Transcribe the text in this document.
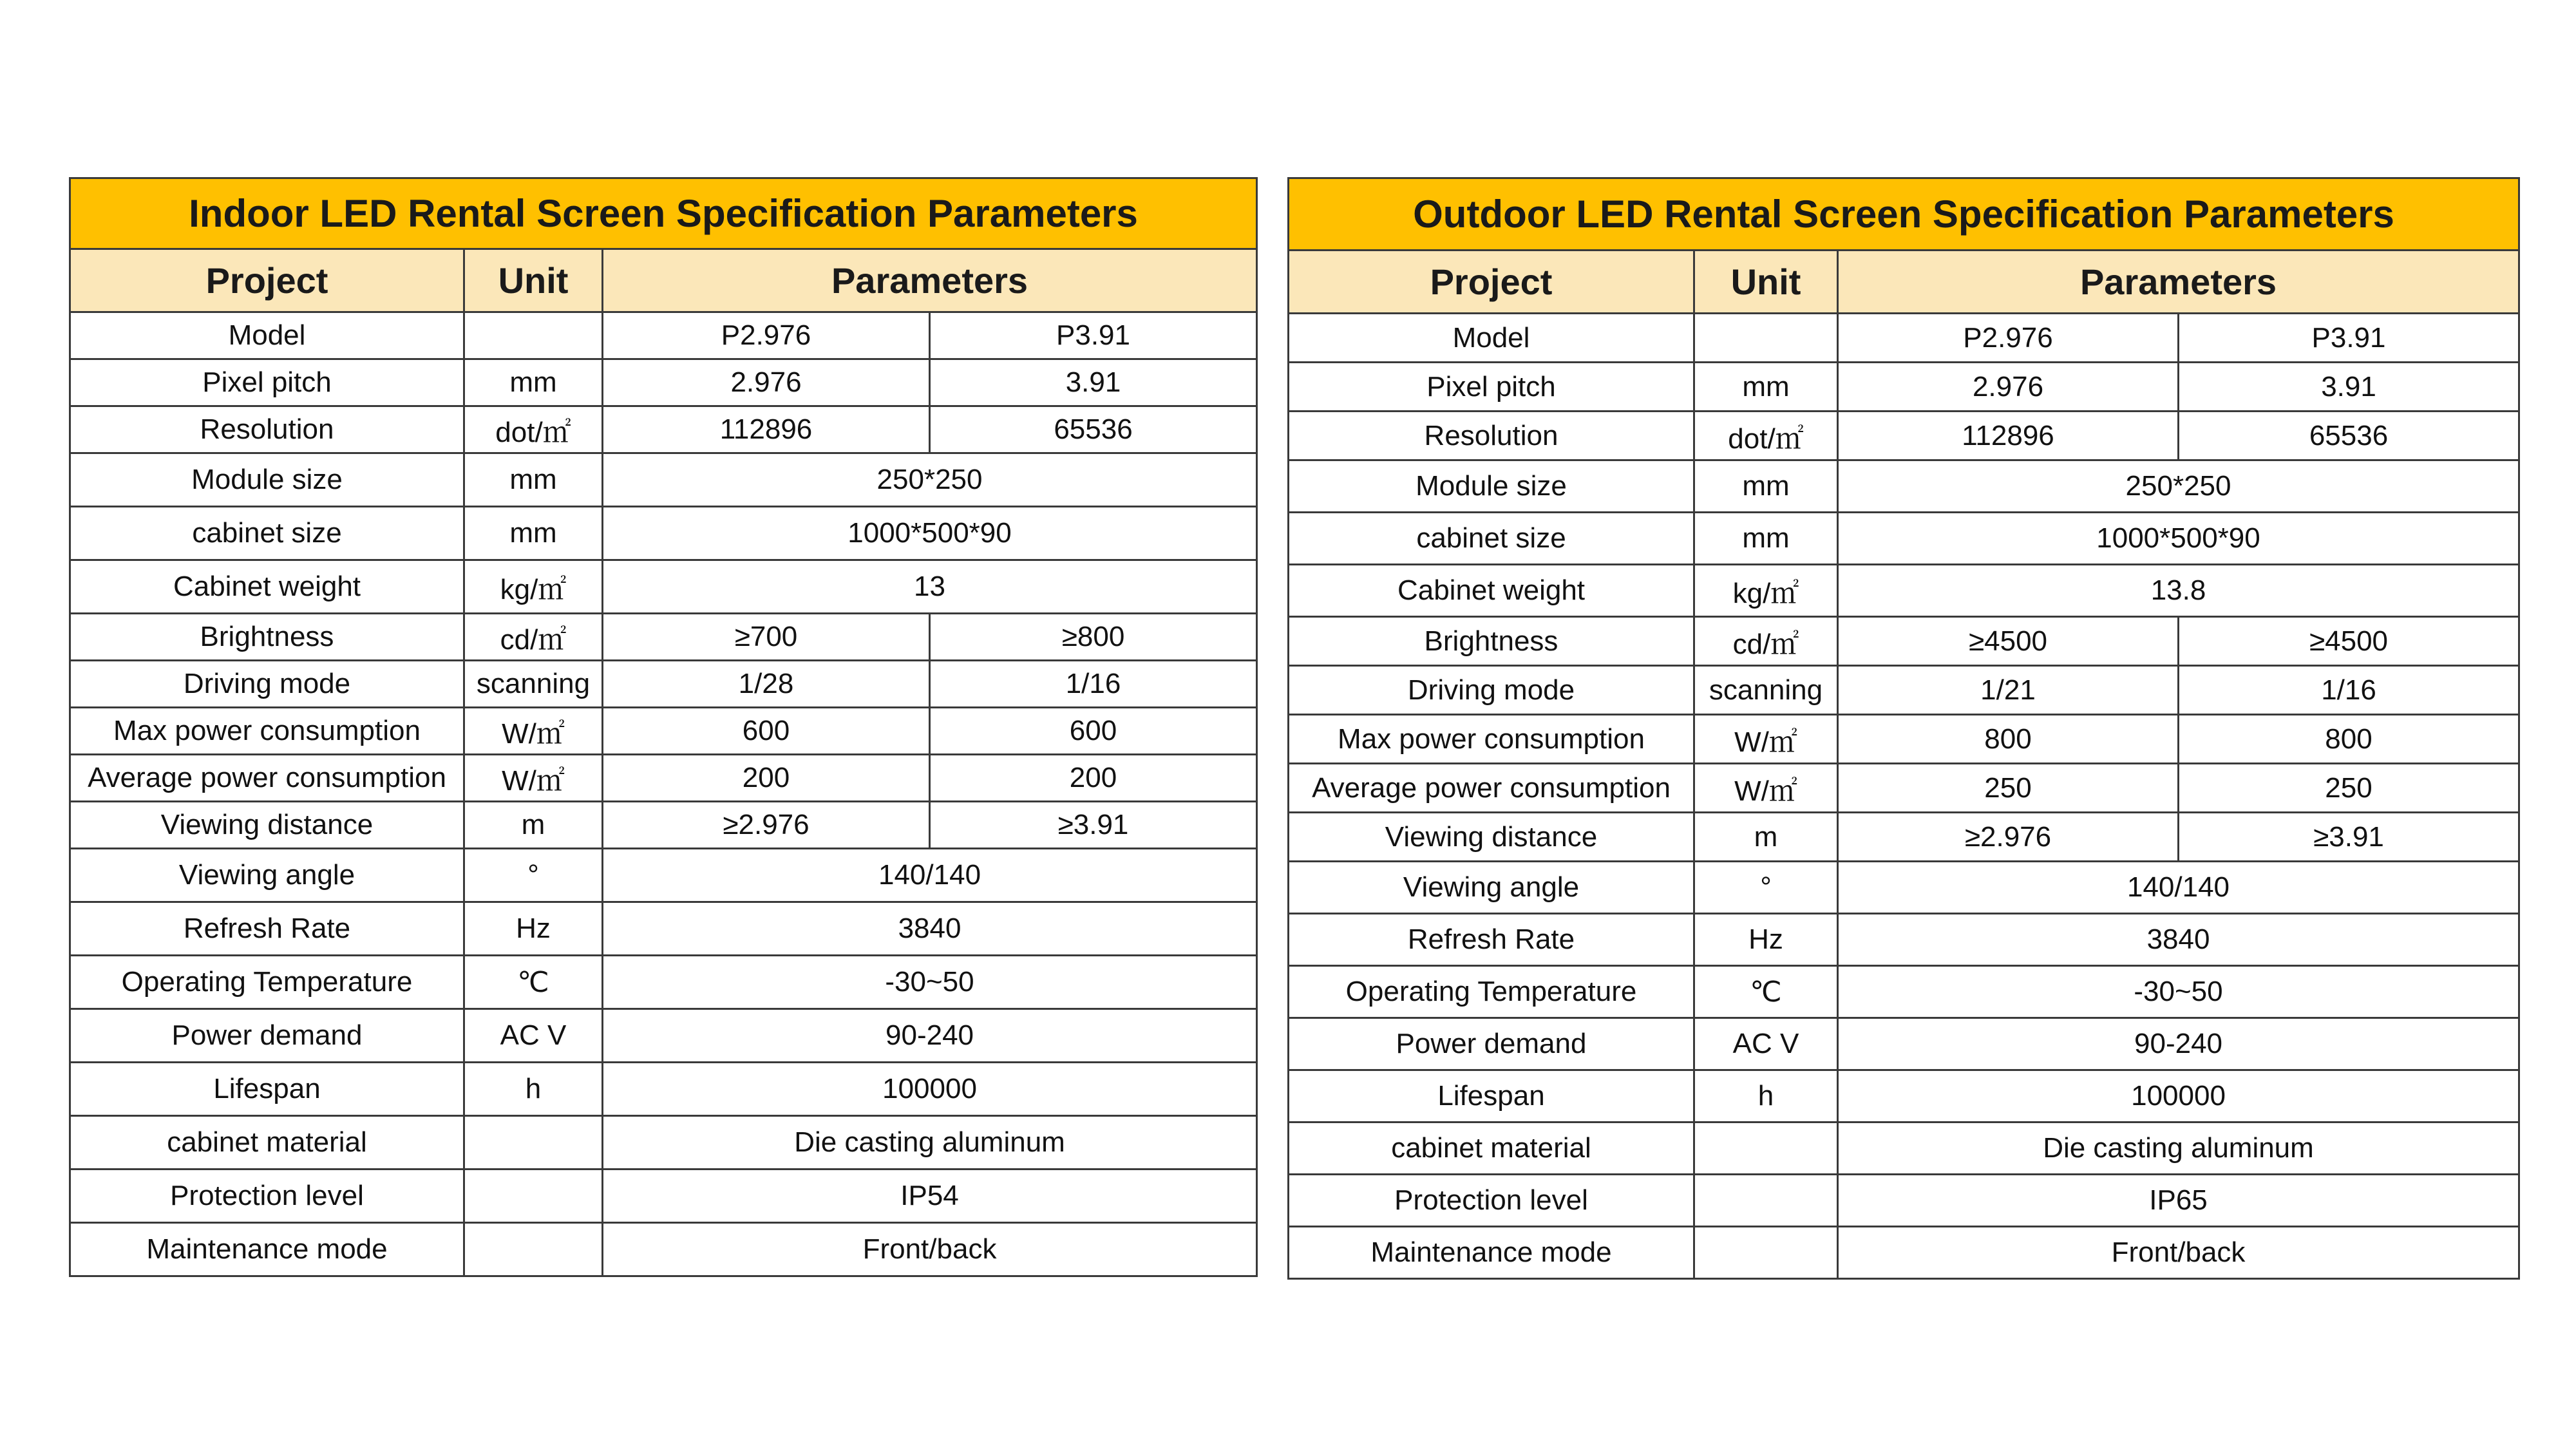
Indoor LED Rental Screen Specification Parameters			
Project	Unit	Parameters	
Model		P2.976	P3.91
Pixel pitch	mm	2.976	3.91
Resolution	dot/㎡	112896	65536
Module size	mm	250*250	
cabinet size	mm	1000*500*90	
Cabinet weight	kg/㎡	13	
Brightness	cd/㎡	≥700	≥800
Driving mode	scanning	1/28	1/16
Max power consumption	W/㎡	600	600
Average power consumption	W/㎡	200	200
Viewing distance	m	≥2.976	≥3.91
Viewing angle	°	140/140	
Refresh Rate	Hz	3840	
Operating Temperature	℃	-30~50	
Power demand	AC V	90-240	
Lifespan	h	100000	
cabinet material		Die casting aluminum	
Protection level		IP54	
Maintenance mode		Front/back	
Outdoor LED Rental Screen Specification Parameters			
Project	Unit	Parameters	
Model		P2.976	P3.91
Pixel pitch	mm	2.976	3.91
Resolution	dot/㎡	112896	65536
Module size	mm	250*250	
cabinet size	mm	1000*500*90	
Cabinet weight	kg/㎡	13.8	
Brightness	cd/㎡	≥4500	≥4500
Driving mode	scanning	1/21	1/16
Max power consumption	W/㎡	800	800
Average power consumption	W/㎡	250	250
Viewing distance	m	≥2.976	≥3.91
Viewing angle	°	140/140	
Refresh Rate	Hz	3840	
Operating Temperature	℃	-30~50	
Power demand	AC V	90-240	
Lifespan	h	100000	
cabinet material		Die casting aluminum	
Protection level		IP65	
Maintenance mode		Front/back	
